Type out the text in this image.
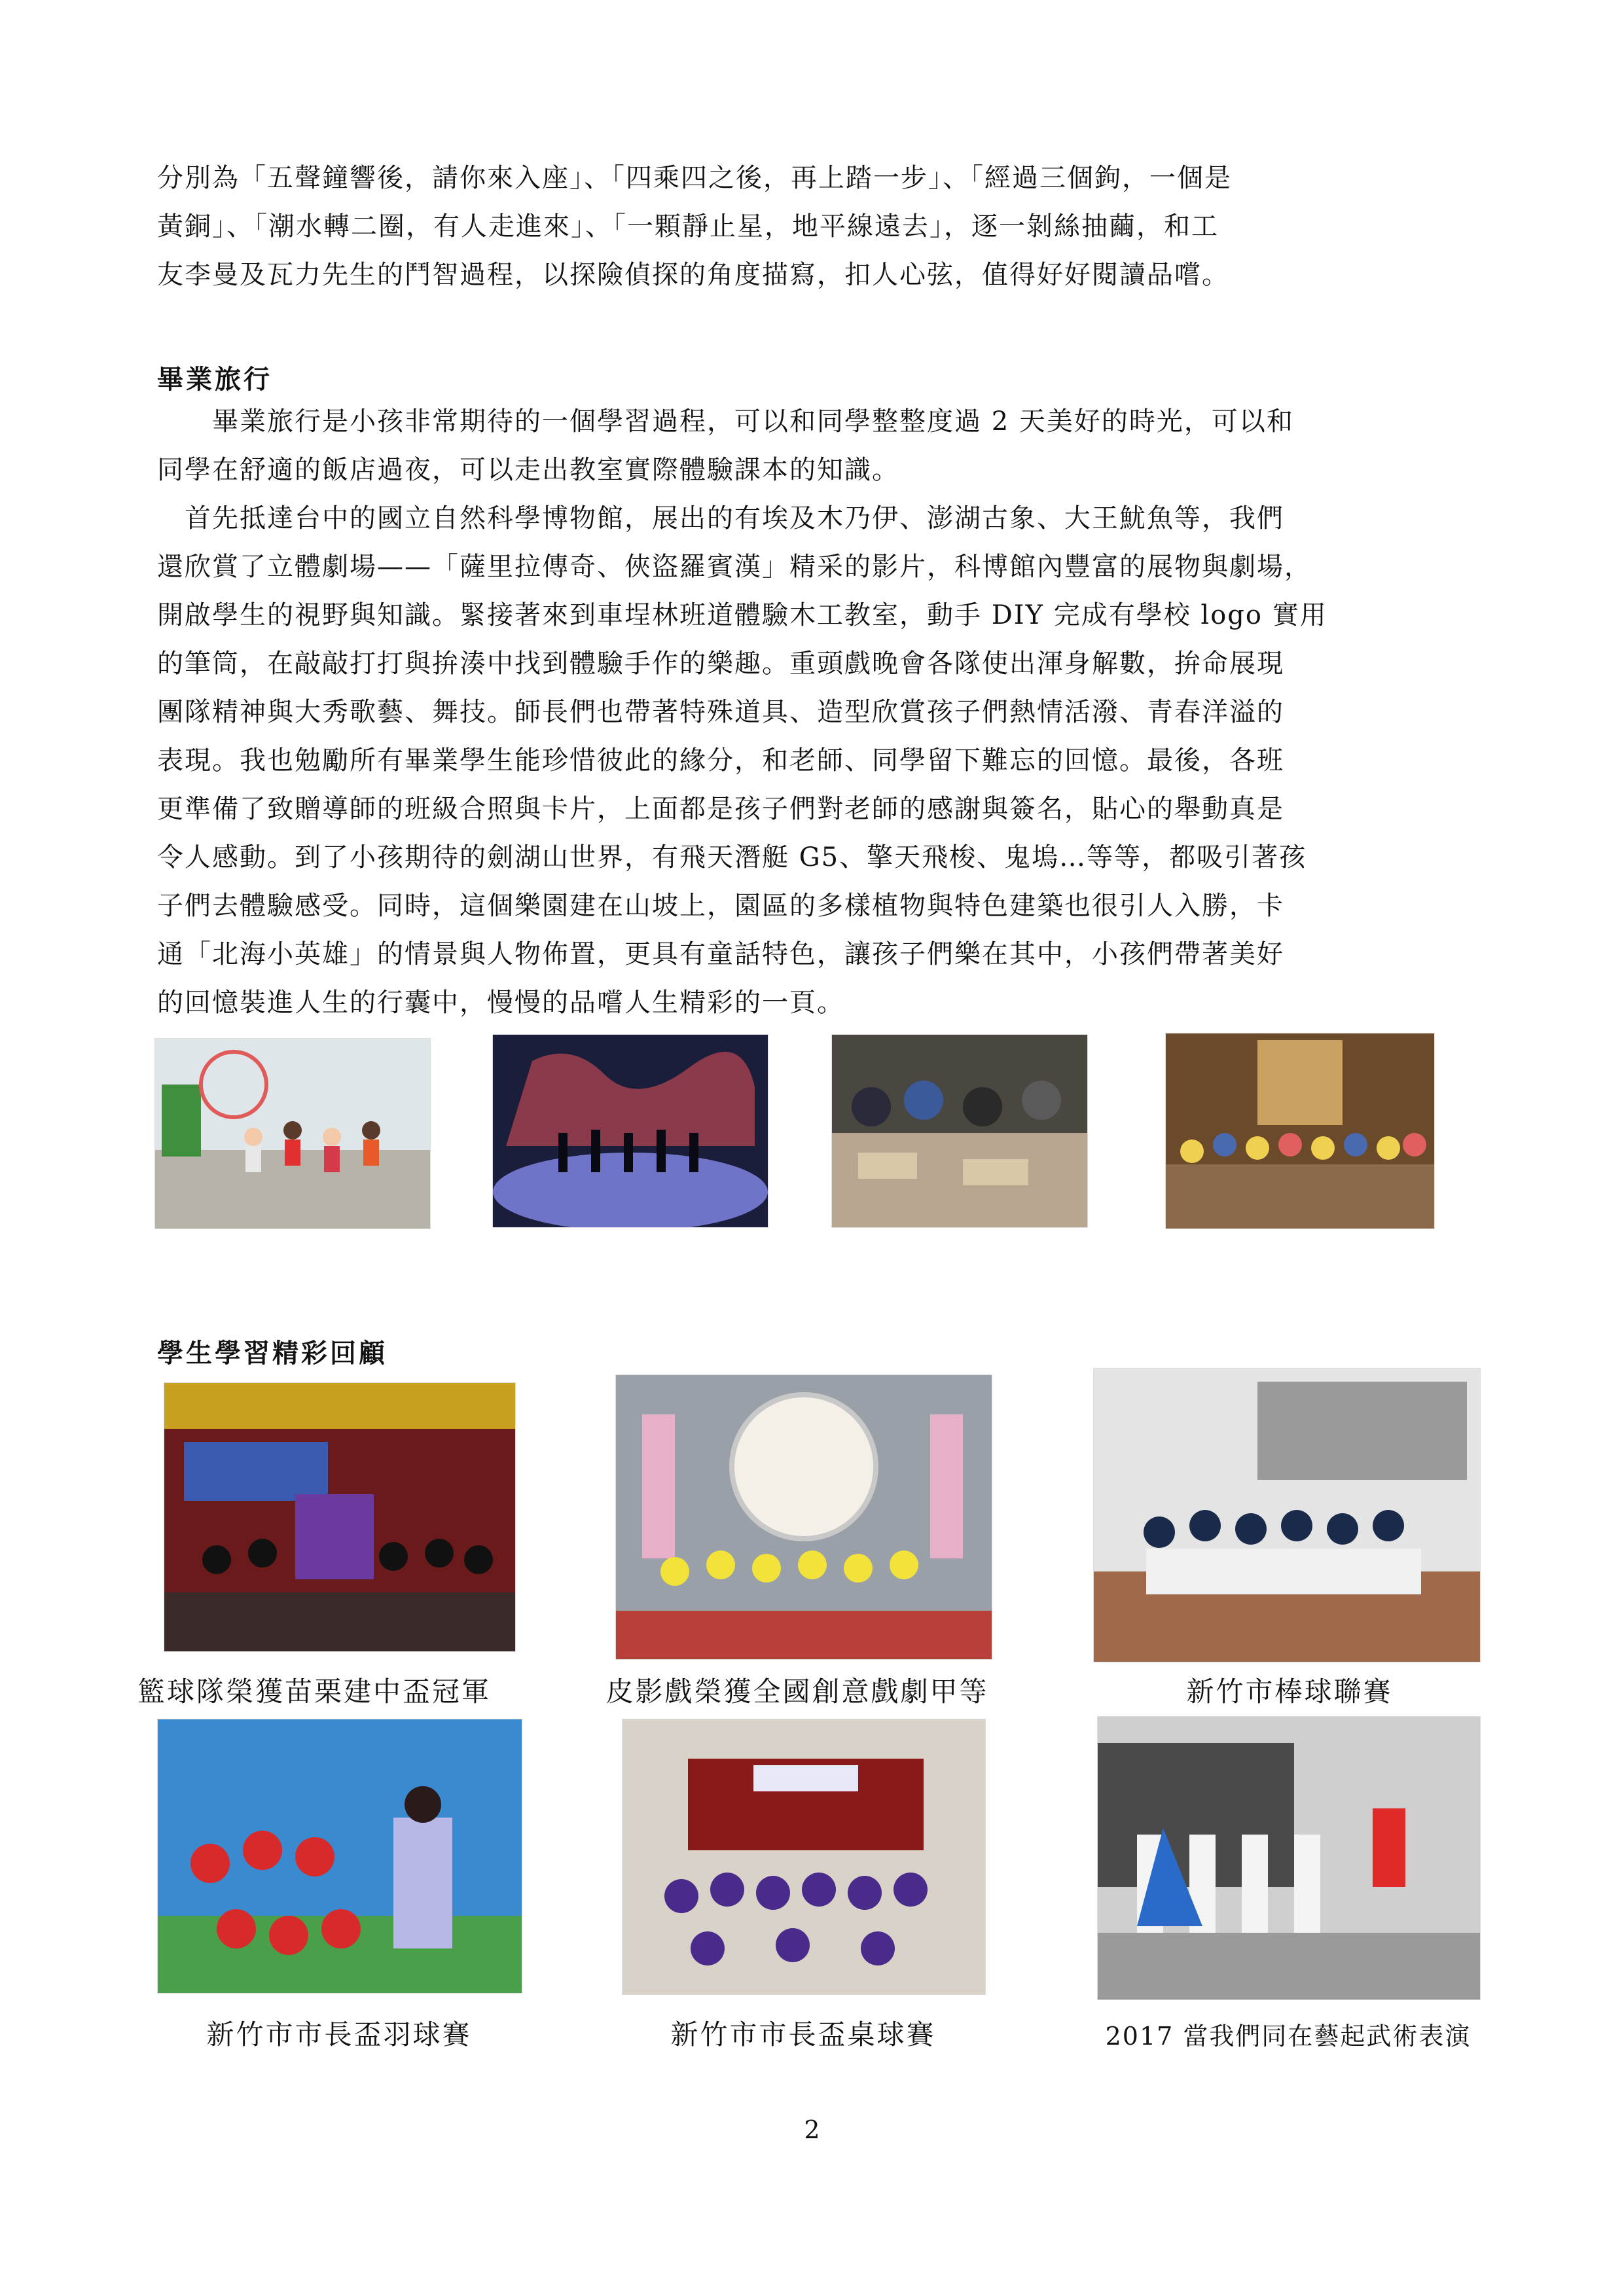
分別為「五聲鐘響後，請你來入座」、「四乘四之後，再上踏一步」、「經過三個鉤，一個是
黃銅」、「潮水轉二圈，有人走進來」、「一顆靜止星，地平線遠去」，逐一剝絲抽繭，和工
友李曼及瓦力先生的鬥智過程，以探險偵探的角度描寫，扣人心弦，值得好好閱讀品嚐。
畢業旅行
　　畢業旅行是小孩非常期待的一個學習過程，可以和同學整整度過 2 天美好的時光，可以和
同學在舒適的飯店過夜，可以走出教室實際體驗課本的知識。
　首先抵達台中的國立自然科學博物館，展出的有埃及木乃伊、澎湖古象、大王魷魚等，我們
還欣賞了立體劇場——「薩里拉傳奇、俠盜羅賓漢」精采的影片，科博館內豐富的展物與劇場，
開啟學生的視野與知識。緊接著來到車埕林班道體驗木工教室，動手 DIY 完成有學校 logo 實用
的筆筒，在敲敲打打與拚湊中找到體驗手作的樂趣。重頭戲晚會各隊使出渾身解數，拚命展現
團隊精神與大秀歌藝、舞技。師長們也帶著特殊道具、造型欣賞孩子們熱情活潑、青春洋溢的
表現。我也勉勵所有畢業學生能珍惜彼此的緣分，和老師、同學留下難忘的回憶。最後，各班
更準備了致贈導師的班級合照與卡片，上面都是孩子們對老師的感謝與簽名，貼心的舉動真是
令人感動。到了小孩期待的劍湖山世界，有飛天潛艇 G5、擎天飛梭、鬼塢…等等，都吸引著孩
子們去體驗感受。同時，這個樂園建在山坡上，園區的多樣植物與特色建築也很引人入勝，卡
通「北海小英雄」的情景與人物佈置，更具有童話特色，讓孩子們樂在其中，小孩們帶著美好
的回憶裝進人生的行囊中，慢慢的品嚐人生精彩的一頁。
學生學習精彩回顧
籃球隊榮獲苗栗建中盃冠軍	皮影戲榮獲全國創意戲劇甲等	新竹市棒球聯賽
新竹市市長盃羽球賽	新竹市市長盃桌球賽	2017 當我們同在藝起武術表演
2
